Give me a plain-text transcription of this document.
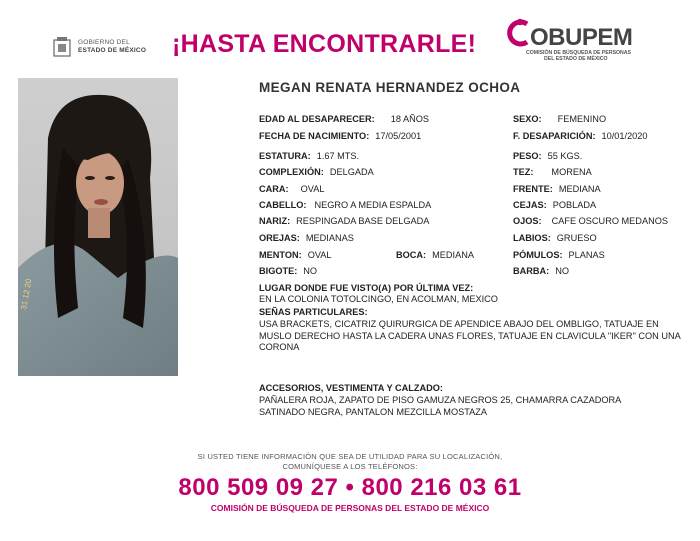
GOBIERNO DEL
ESTADO DE MÉXICO ¡HASTA ENCONTRARLE! OBUPEM
COMISIÓN DE BÚSQUEDA DE PERSONAS
DEL ESTADO DE MÉXICO
31 12 20
MEGAN RENATA HERNANDEZ OCHOA
EDAD AL DESAPARECER: 18 AÑOS	SEXO: FEMENINO
FECHA DE NACIMIENTO: 17/05/2001	F. DESAPARICIÓN: 10/01/2020
ESTATURA: 1.67 MTS.	PESO: 55 KGS.
COMPLEXIÓN: DELGADA	TEZ: MORENA
CARA: OVAL	FRENTE: MEDIANA
CABELLO: NEGRO A MEDIA ESPALDA	CEJAS: POBLADA
NARIZ: RESPINGADA BASE DELGADA	OJOS: CAFE OSCURO MEDANOS
OREJAS: MEDIANAS	LABIOS: GRUESO
MENTON: OVAL	BOCA: MEDIANA	PÓMULOS: PLANAS
BIGOTE: NO	BARBA: NO
LUGAR DONDE FUE VISTO(A) POR ÚLTIMA VEZ:
EN LA COLONIA TOTOLCINGO, EN ACOLMAN, MEXICO
SEÑAS PARTICULARES:
USA BRACKETS, CICATRIZ QUIRURGICA DE APENDICE ABAJO DEL OMBLIGO, TATUAJE EN MUSLO DERECHO HASTA LA CADERA UNAS FLORES, TATUAJE EN CLAVICULA "IKER" CON UNA CORONA
ACCESORIOS, VESTIMENTA Y CALZADO:
PAÑALERA ROJA, ZAPATO DE PISO GAMUZA NEGROS 25, CHAMARRA CAZADORA SATINADO NEGRA, PANTALON MEZCILLA MOSTAZA
SI USTED TIENE INFORMACIÓN QUE SEA DE UTILIDAD PARA SU LOCALIZACIÓN,
COMUNÍQUESE A LOS TELÉFONOS:
800 509 09 27 • 800 216 03 61
COMISIÓN DE BÚSQUEDA DE PERSONAS DEL ESTADO DE MÉXICO
